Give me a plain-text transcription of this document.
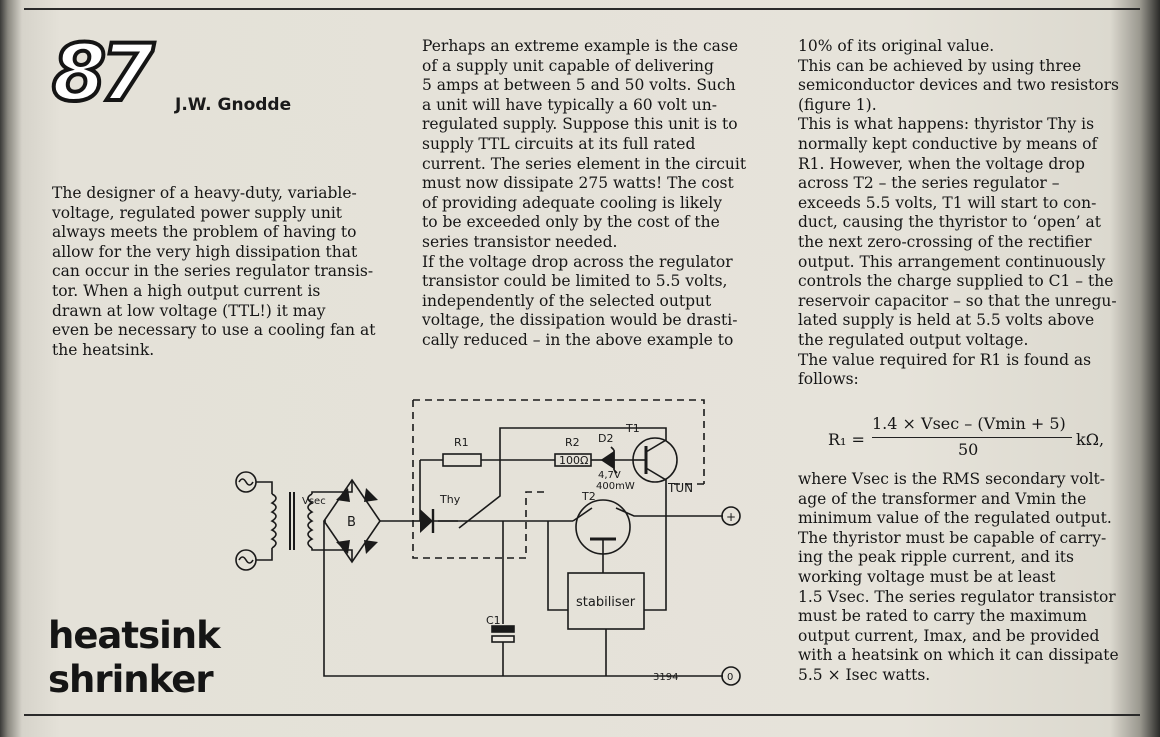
87 J.W. Gnodde
The designer of a heavy-duty, variable-
voltage, regulated power supply unit
always meets the problem of having to
allow for the very high dissipation that
can occur in the series regulator transis-
tor. When a high output current is
drawn at low voltage (TTL!) it may
even be necessary to use a cooling fan at
the heatsink.
Perhaps an extreme example is the case
of a supply unit capable of delivering
5 amps at between 5 and 50 volts. Such
a unit will have typically a 60 volt un-
regulated supply. Suppose this unit is to
supply TTL circuits at its full rated
current. The series element in the circuit
must now dissipate 275 watts! The cost
of providing adequate cooling is likely
to be exceeded only by the cost of the
series transistor needed.
If the voltage drop across the regulator
transistor could be limited to 5.5 volts,
independently of the selected output
voltage, the dissipation would be drasti-
cally reduced – in the above example to
10% of its original value.
This can be achieved by using three
semiconductor devices and two resistors
(figure 1).
This is what happens: thyristor Thy is
normally kept conductive by means of
R1. However, when the voltage drop
across T2 – the series regulator –
exceeds 5.5 volts, T1 will start to con-
duct, causing the thyristor to ‘open’ at
the next zero-crossing of the rectifier
output. This arrangement continuously
controls the charge supplied to C1 – the
reservoir capacitor – so that the unregu-
lated supply is held at 5.5 volts above
the regulated output voltage.
The value required for R1 is found as
follows:
R₁ =
1.4 × Vsec – (Vmin + 5)
50
kΩ,
where Vsec is the RMS secondary volt-
age of the transformer and Vmin the
minimum value of the regulated output.
The thyristor must be capable of carry-
ing the peak ripple current, and its
working voltage must be at least
1.5 Vsec. The series regulator transistor
must be rated to carry the maximum
output current, Imax, and be provided
with a heatsink on which it can dissipate
5.5 × Isec watts.
heatsink
shrinker
R1	R2
100Ω
D2
4,7V
400mW
T1
TUN
T2
Thy
Vsec
B
C1
stabiliser
+
0
3194
